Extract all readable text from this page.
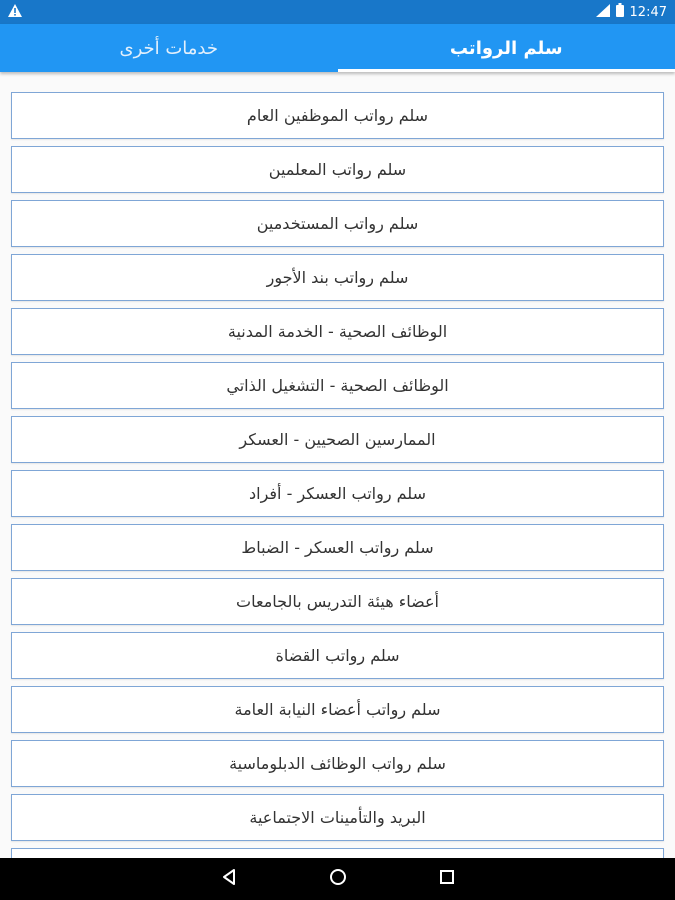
12:47
سلم الرواتب
خدمات أخرى
سلم رواتب الموظفين العام
سلم رواتب المعلمين
سلم رواتب المستخدمين
سلم رواتب بند الأجور
الوظائف الصحية - الخدمة المدنية
الوظائف الصحية - التشغيل الذاتي
الممارسين الصحيين - العسكر
سلم رواتب العسكر - أفراد
سلم رواتب العسكر - الضباط
أعضاء هيئة التدريس بالجامعات
سلم رواتب القضاة
سلم رواتب أعضاء النيابة العامة
سلم رواتب الوظائف الدبلوماسية
البريد والتأمينات الاجتماعية
